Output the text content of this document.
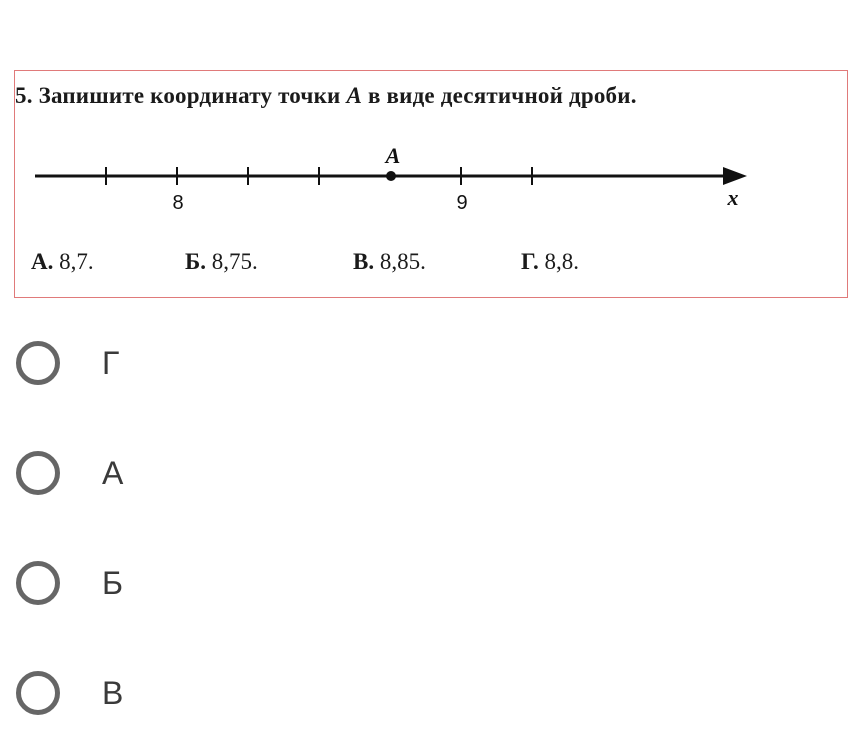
5. Запишите координату точки A в виде десятичной дроби.
A
8	9	x
А. 8,7.	Б. 8,75.	В. 8,85.	Г. 8,8.
Г
А
Б
В
